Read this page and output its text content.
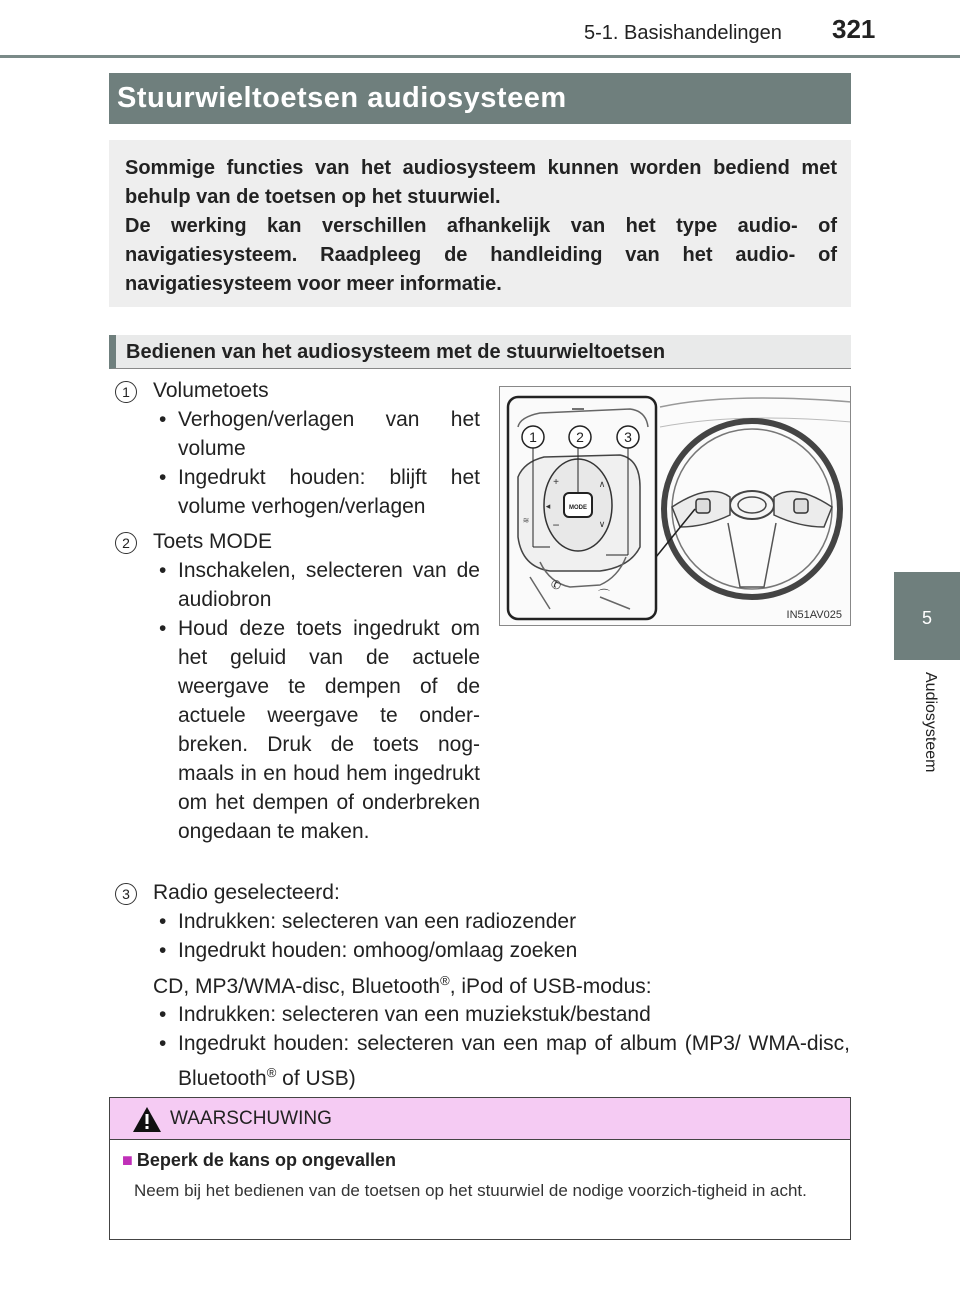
5-1. Basishandelingen 321
5
Audiosysteem
Stuurwieltoetsen audiosysteem

Sommige functies van het audiosysteem kunnen worden bediend met behulp van de toetsen op het stuurwiel.

De werking kan verschillen afhankelijk van het type audio- of navigatiesysteem. Raadpleeg de handleiding van het audio- of navigatiesysteem voor meer informatie.

Bedienen van het audiosysteem met de stuurwieltoetsen
1	Volumetoets
• Verhogen/verlagen van het volume
• Ingedrukt houden: blijft het volume verhogen/verlagen
2	Toets MODE
• Inschakelen, selecteren van de audiobron
• Houd deze toets ingedrukt om het geluid van de actuele weergave te dempen of de actuele weergave te onder-breken. Druk de toets nog-maals in en houd hem ingedrukt om het dempen of onderbreken ongedaan te maken.
3	Radio geselecteerd:
• Indrukken: selecteren van een radiozender
• Ingedrukt houden: omhoog/omlaag zoeken
CD, MP3/WMA-disc, Bluetooth®, iPod of USB-modus:
• Indrukken: selecteren van een muziekstuk/bestand
• Ingedrukt houden: selecteren van een map of album (MP3/ WMA-disc, Bluetooth® of USB)
MODE
+
−
∧
∨
◂
≋
✆
⌒
1	2	3
IN51AV025
WAARSCHUWING
■ Beperk de kans op ongevallen
Neem bij het bedienen van de toetsen op het stuurwiel de nodige voorzich-tigheid in acht.
